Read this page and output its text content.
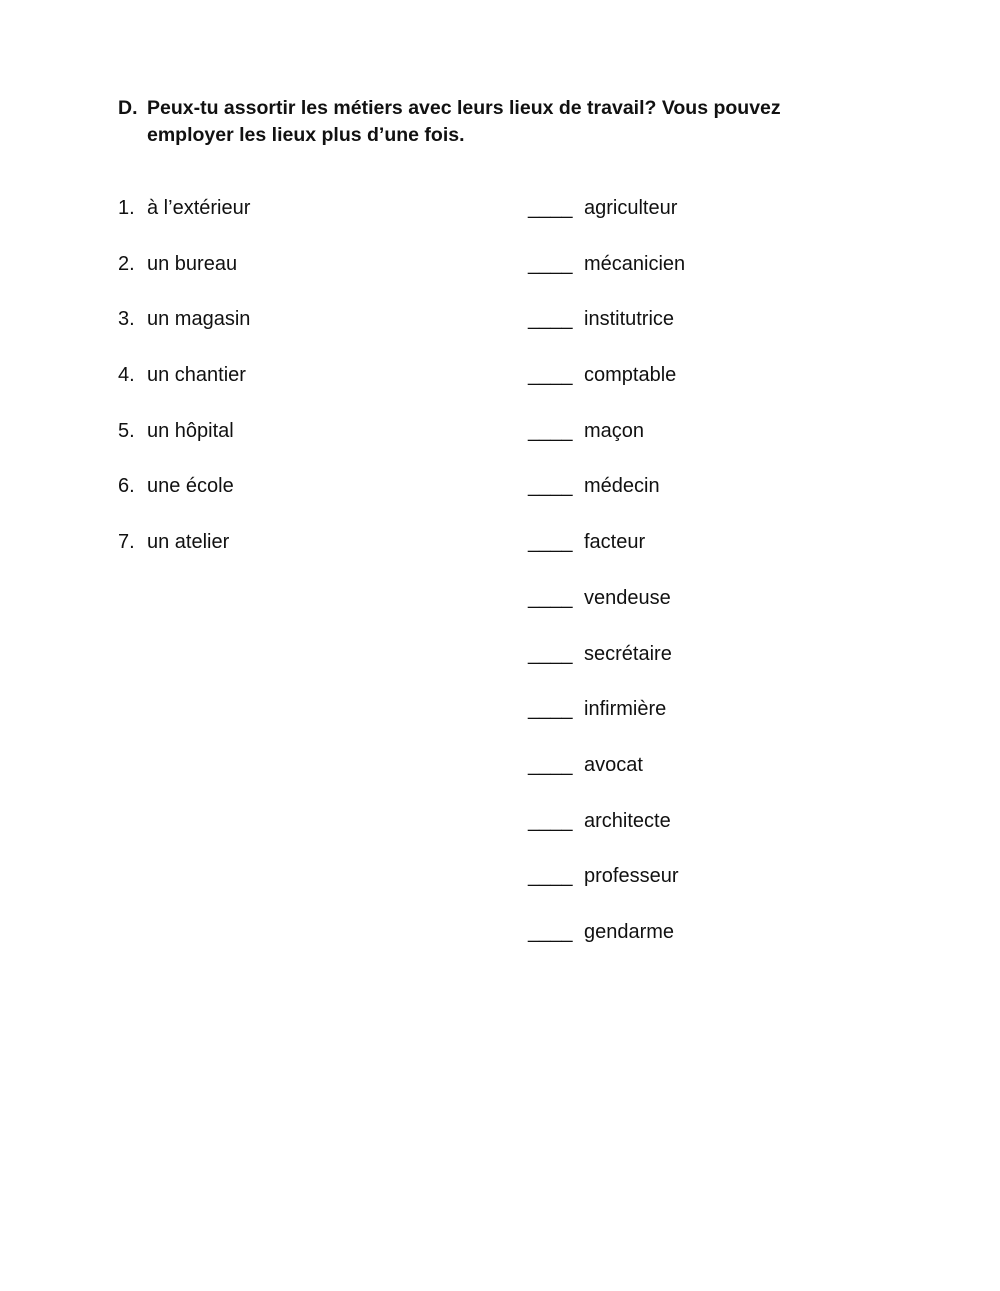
D. Peux-tu assortir les métiers avec leurs lieux de travail? Vous pouvez employer les lieux plus d’une fois.
1. à l’extérieur
2. un bureau
3. un magasin
4. un chantier
5. un hôpital
6. une école
7. un atelier
____ agriculteur
____ mécanicien
____ institutrice
____ comptable
____ maçon
____ médecin
____ facteur
____ vendeuse
____ secrétaire
____ infirmière
____ avocat
____ architecte
____ professeur
____ gendarme
